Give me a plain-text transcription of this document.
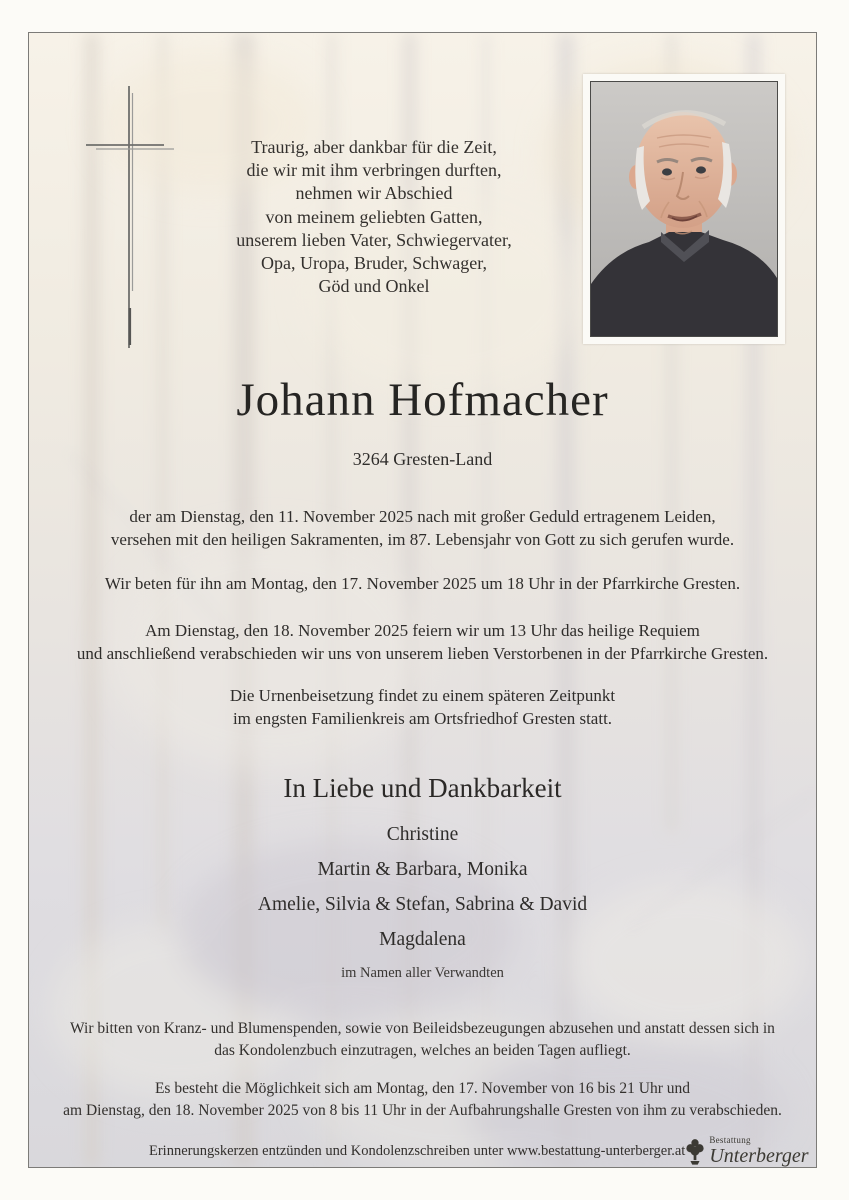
Traurig, aber dankbar für die Zeit,
die wir mit ihm verbringen durften,
nehmen wir Abschied
von meinem geliebten Gatten,
unserem lieben Vater, Schwiegervater,
Opa, Uropa, Bruder, Schwager,
Göd und Onkel
Johann Hofmacher
3264 Gresten-Land
der am Dienstag, den 11. November 2025 nach mit großer Geduld ertragenem Leiden,
versehen mit den heiligen Sakramenten, im 87. Lebensjahr von Gott zu sich gerufen wurde.
Wir beten für ihn am Montag, den 17. November 2025 um 18 Uhr in der Pfarrkirche Gresten.
Am Dienstag, den 18. November 2025 feiern wir um 13 Uhr das heilige Requiem
und anschließend verabschieden wir uns von unserem lieben Verstorbenen in der Pfarrkirche Gresten.
Die Urnenbeisetzung findet zu einem späteren Zeitpunkt
im engsten Familienkreis am Ortsfriedhof Gresten statt.
In Liebe und Dankbarkeit
Christine
Martin & Barbara, Monika
Amelie, Silvia & Stefan, Sabrina & David
Magdalena
im Namen aller Verwandten
Wir bitten von Kranz- und Blumenspenden, sowie von Beileidsbezeugungen abzusehen und anstatt dessen sich in
das Kondolenzbuch einzutragen, welches an beiden Tagen aufliegt.
Es besteht die Möglichkeit sich am Montag, den 17. November von 16 bis 21 Uhr und
am Dienstag, den 18. November 2025 von 8 bis 11 Uhr in der Aufbahrungshalle Gresten von ihm zu verabschieden.
Erinnerungskerzen entzünden und Kondolenzschreiben unter www.bestattung-unterberger.at
Bestattung
Unterberger
